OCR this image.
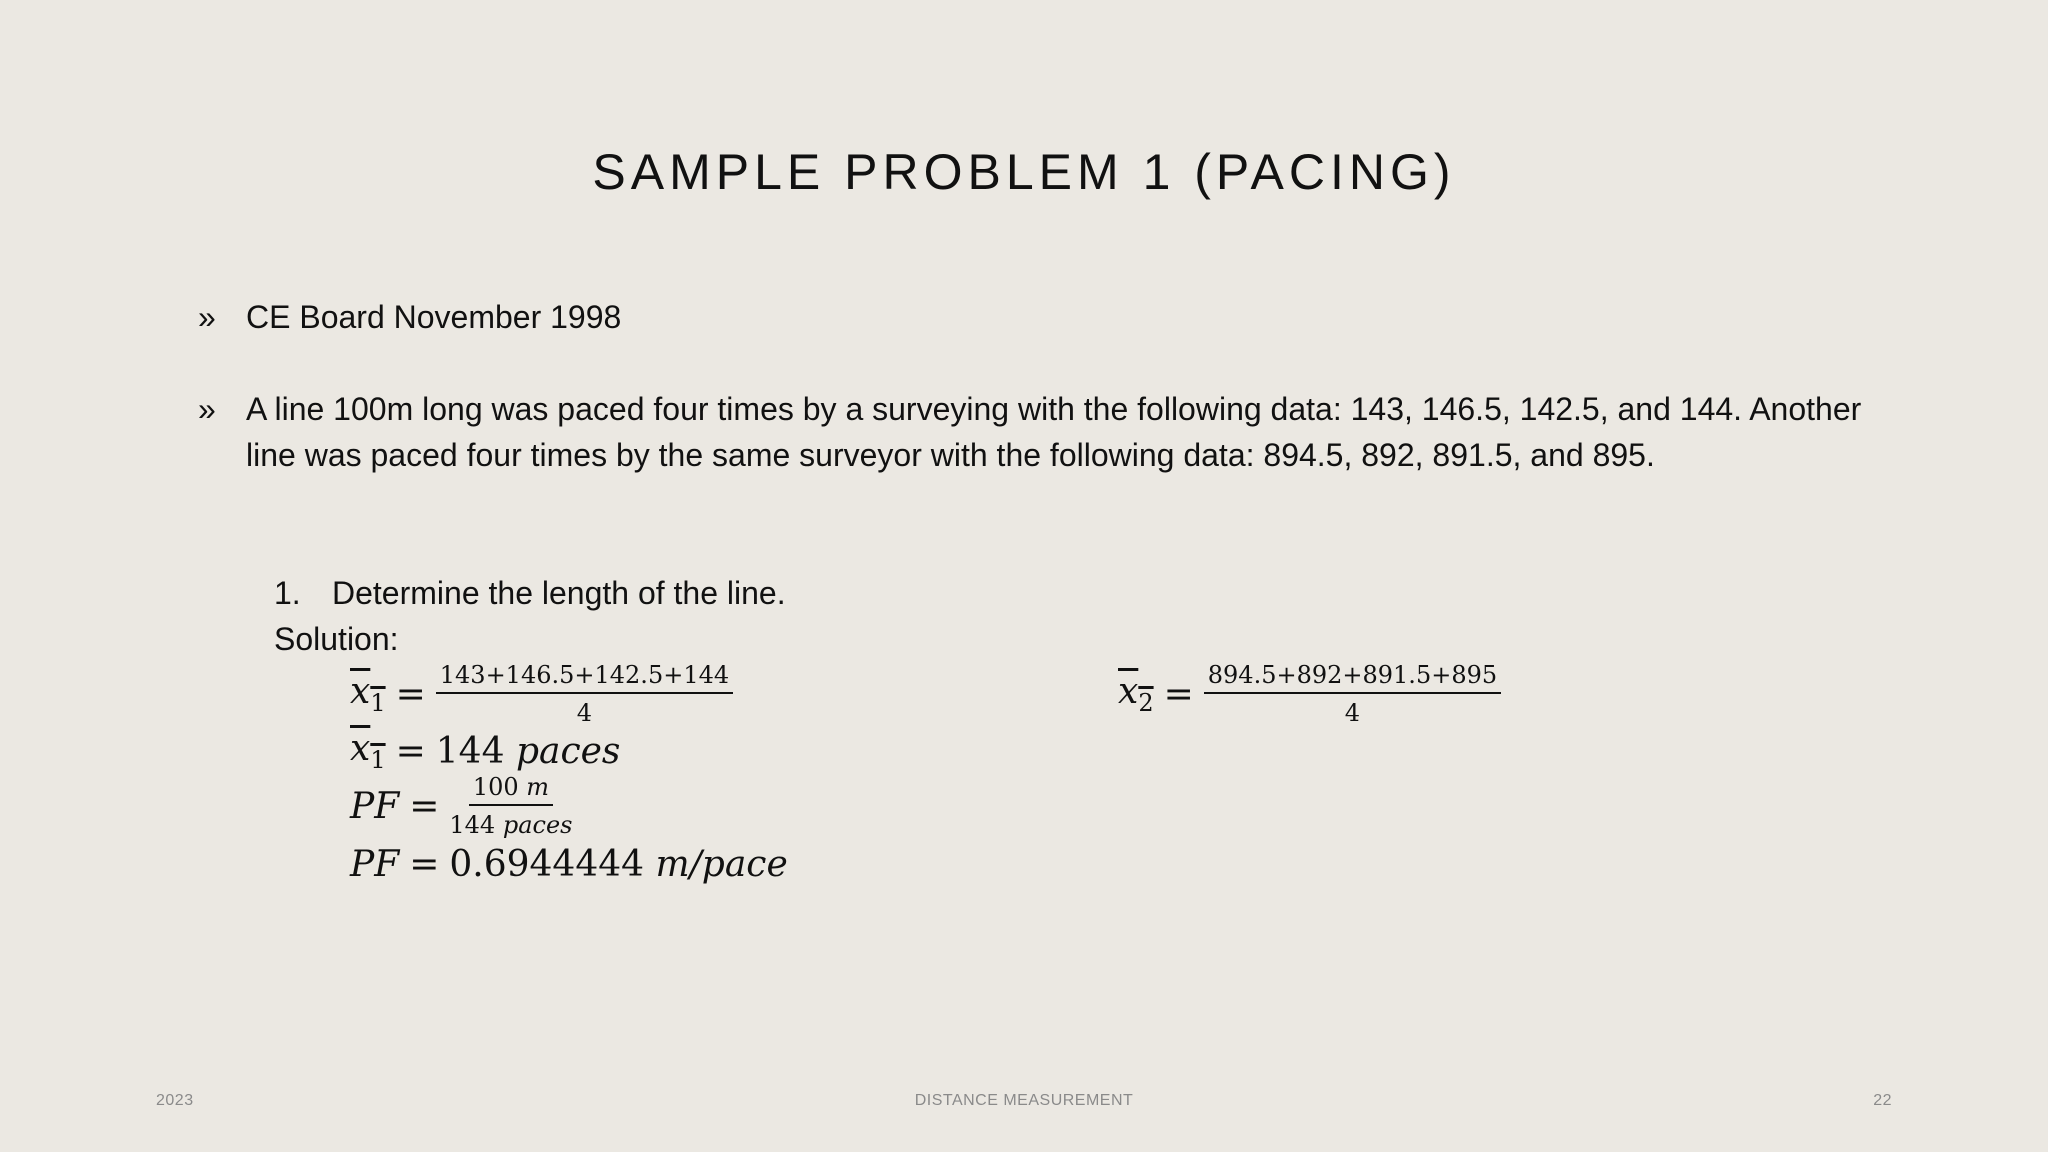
SAMPLE PROBLEM 1 (PACING)
» CE Board November 1998
» A line 100m long was paced four times by a surveying with the following data: 143, 146.5, 142.5, and 144. Another line was paced four times by the same surveyor with the following data: 894.5, 892, 891.5, and 895.
1. Determine the length of the line.
Solution:
$x_1 = \frac{143+146.5+142.5+144}{4}$	$x_2 = \frac{894.5+892+891.5+895}{4}$
$x_1 = 144$
paces
PF = $\frac{100 m}{\text{144 paces}}$
PF = 0.6944444
m/pace
2023	DISTANCE MEASUREMENT	22
